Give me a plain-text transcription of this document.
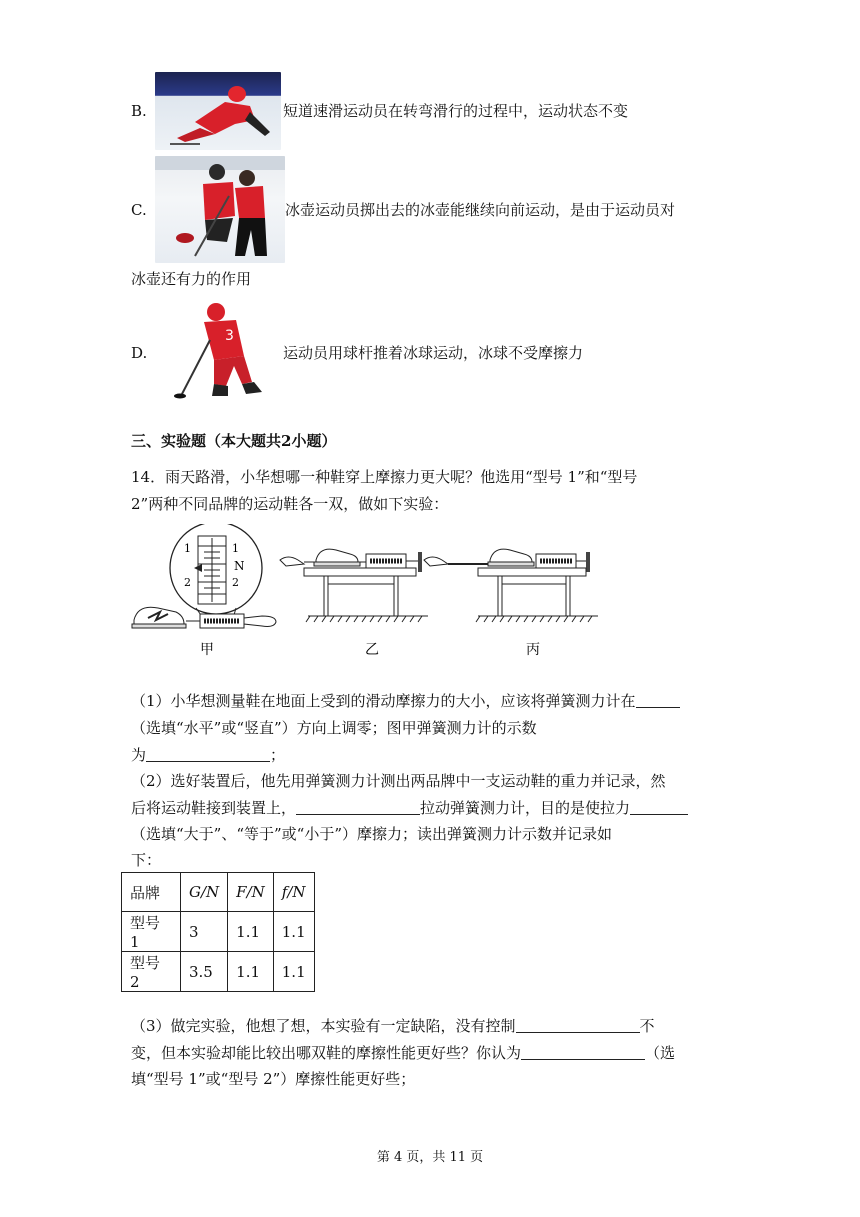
B.	短道速滑运动员在转弯滑行的过程中，运动状态不变
C.	冰壶运动员掷出去的冰壶能继续向前运动，是由于运动员对
冰壶还有力的作用
D.
3
运动员用球杆推着冰球运动，冰球不受摩擦力
三、实验题（本大题共2小题）
14．雨天路滑，小华想哪一种鞋穿上摩擦力更大呢？他选用“型号 1”和“型号
2”两种不同品牌的运动鞋各一双，做如下实验：
1	1
2	2
N
甲	乙	丙
（1）小华想测量鞋在地面上受到的滑动摩擦力的大小，应该将弹簧测力计在
（选填“水平”或“竖直”）方向上调零；图甲弹簧测力计的示数
为	；
（2）选好装置后，他先用弹簧测力计测出两品牌中一支运动鞋的重力并记录，然
后将运动鞋接到装置上，	拉动弹簧测力计，目的是使拉力
（选填“大于”、“等于”或“小于”）摩擦力；读出弹簧测力计示数并记录如
下：
品牌	G/N	F/N	f/N
型号 1	3	1.1	1.1
型号 2	3.5	1.1	1.1
（3）做完实验，他想了想，本实验有一定缺陷，没有控制	不
变，但本实验却能比较出哪双鞋的摩擦性能更好些？你认为	（选
填“型号 1”或“型号 2”）摩擦性能更好些；
第 4 页，共 11 页
